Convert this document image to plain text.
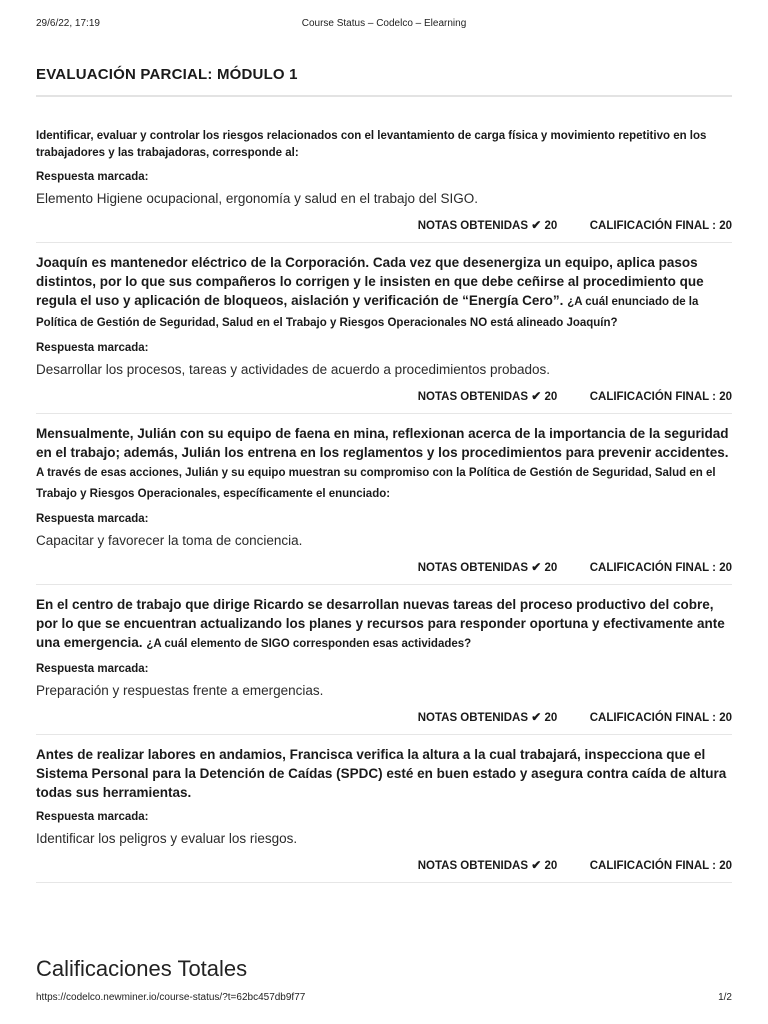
29/6/22, 17:19	Course Status – Codelco – Elearning
EVALUACIÓN PARCIAL: MÓDULO 1
Identificar, evaluar y controlar los riesgos relacionados con el levantamiento de carga física y movimiento repetitivo en los trabajadores y las trabajadoras, corresponde al:
Respuesta marcada:
Elemento Higiene ocupacional, ergonomía y salud en el trabajo del SIGO.
NOTAS OBTENIDAS ✔ 20	CALIFICACIÓN FINAL : 20
Joaquín es mantenedor eléctrico de la Corporación. Cada vez que desenergiza un equipo, aplica pasos distintos, por lo que sus compañeros lo corrigen y le insisten en que debe ceñirse al procedimiento que regula el uso y aplicación de bloqueos, aislación y verificación de “Energía Cero”. ¿A cuál enunciado de la Política de Gestión de Seguridad, Salud en el Trabajo y Riesgos Operacionales NO está alineado Joaquín?
Respuesta marcada:
Desarrollar los procesos, tareas y actividades de acuerdo a procedimientos probados.
NOTAS OBTENIDAS ✔ 20	CALIFICACIÓN FINAL : 20
Mensualmente, Julián con su equipo de faena en mina, reflexionan acerca de la importancia de la seguridad en el trabajo; además, Julián los entrena en los reglamentos y los procedimientos para prevenir accidentes. A través de esas acciones, Julián y su equipo muestran su compromiso con la Política de Gestión de Seguridad, Salud en el Trabajo y Riesgos Operacionales, específicamente el enunciado:
Respuesta marcada:
Capacitar y favorecer la toma de conciencia.
NOTAS OBTENIDAS ✔ 20	CALIFICACIÓN FINAL : 20
En el centro de trabajo que dirige Ricardo se desarrollan nuevas tareas del proceso productivo del cobre, por lo que se encuentran actualizando los planes y recursos para responder oportuna y efectivamente ante una emergencia. ¿A cuál elemento de SIGO corresponden esas actividades?
Respuesta marcada:
Preparación y respuestas frente a emergencias.
NOTAS OBTENIDAS ✔ 20	CALIFICACIÓN FINAL : 20
Antes de realizar labores en andamios, Francisca verifica la altura a la cual trabajará, inspecciona que el Sistema Personal para la Detención de Caídas (SPDC) esté en buen estado y asegura contra caída de altura todas sus herramientas.
Respuesta marcada:
Identificar los peligros y evaluar los riesgos.
NOTAS OBTENIDAS ✔ 20	CALIFICACIÓN FINAL : 20
Calificaciones Totales
https://codelco.newminer.io/course-status/?t=62bc457db9f77	1/2
